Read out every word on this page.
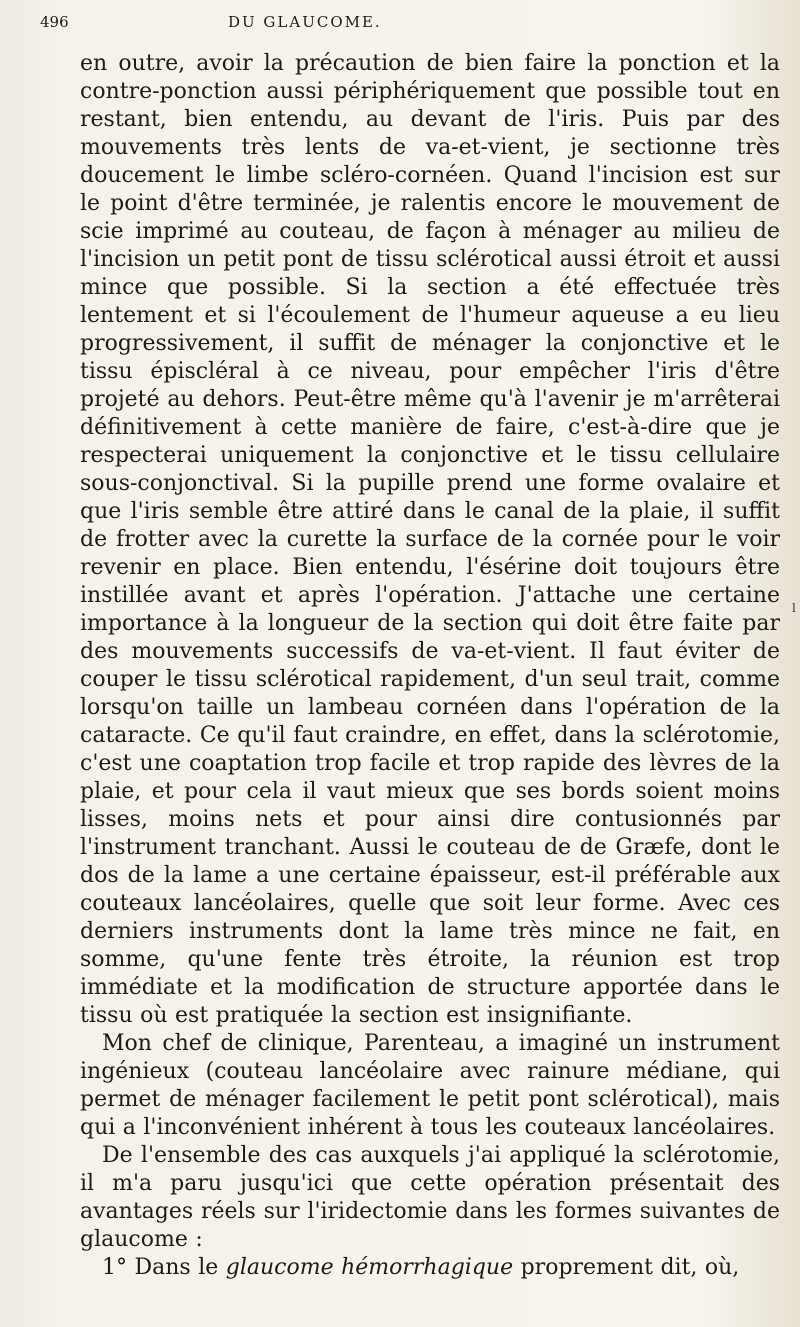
496	DU GLAUCOME.

en outre, avoir la précaution de bien faire la ponction et la contre-ponction aussi périphériquement que possible tout en restant, bien entendu, au devant de l'iris. Puis par des mouvements très lents de va-et-vient, je sectionne très doucement le limbe scléro-cornéen. Quand l'incision est sur le point d'être terminée, je ralentis encore le mouvement de scie imprimé au couteau, de façon à ménager au milieu de l'incision un petit pont de tissu sclérotical aussi étroit et aussi mince que possible. Si la section a été effectuée très lentement et si l'écoulement de l'humeur aqueuse a eu lieu progressivement, il suffit de ménager la conjonctive et le tissu épiscléral à ce niveau, pour empêcher l'iris d'être projeté au dehors. Peut-être même qu'à l'avenir je m'arrêterai définitivement à cette manière de faire, c'est-à-dire que je respecterai uniquement la conjonctive et le tissu cellulaire sous-conjonctival. Si la pupille prend une forme ovalaire et que l'iris semble être attiré dans le canal de la plaie, il suffit de frotter avec la curette la surface de la cornée pour le voir revenir en place. Bien entendu, l'ésérine doit toujours être instillée avant et après l'opération. J'attache une certaine importance à la longueur de la section qui doit être faite par des mouvements successifs de va-et-vient. Il faut éviter de couper le tissu sclérotical rapidement, d'un seul trait, comme lorsqu'on taille un lambeau cornéen dans l'opération de la cataracte. Ce qu'il faut craindre, en effet, dans la sclérotomie, c'est une coaptation trop facile et trop rapide des lèvres de la plaie, et pour cela il vaut mieux que ses bords soient moins lisses, moins nets et pour ainsi dire contusionnés par l'instrument tranchant. Aussi le couteau de de Græfe, dont le dos de la lame a une certaine épaisseur, est-il préférable aux couteaux lancéolaires, quelle que soit leur forme. Avec ces derniers instruments dont la lame très mince ne fait, en somme, qu'une fente très étroite, la réunion est trop immédiate et la modification de structure apportée dans le tissu où est pratiquée la section est insignifiante.

Mon chef de clinique, Parenteau, a imaginé un instrument ingénieux (couteau lancéolaire avec rainure médiane, qui permet de ménager facilement le petit pont sclérotical), mais qui a l'inconvénient inhérent à tous les couteaux lancéolaires.

De l'ensemble des cas auxquels j'ai appliqué la sclérotomie, il m'a paru jusqu'ici que cette opération présentait des avantages réels sur l'iridectomie dans les formes suivantes de glaucome :

1° Dans le glaucome hémorrhagique proprement dit, où,

l
